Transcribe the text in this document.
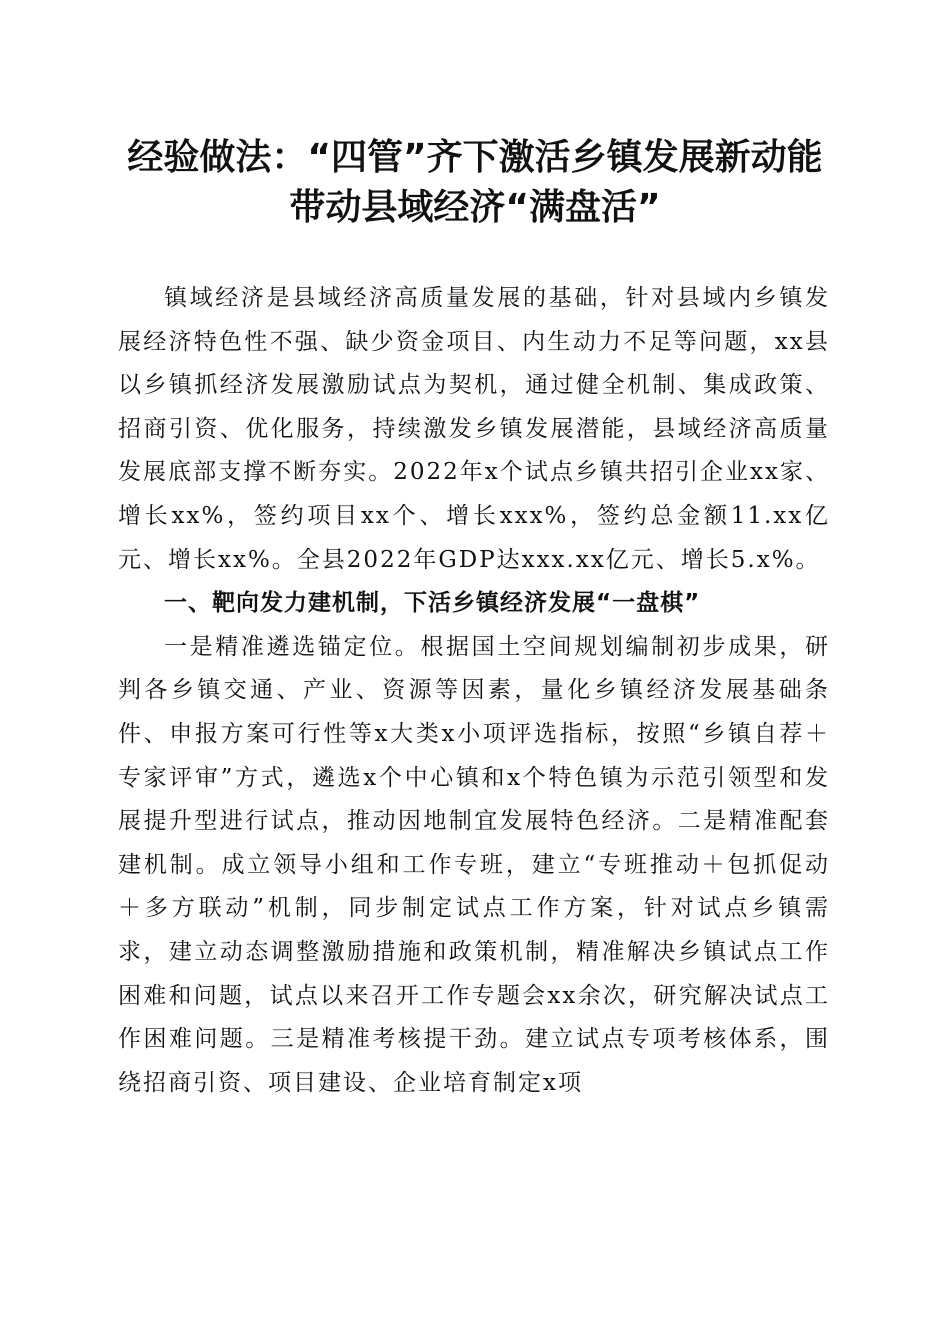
经验做法：“四管”齐下激活乡镇发展新动能
带动县域经济“满盘活”

镇域经济是县域经济高质量发展的基础，针对县域内乡镇发展经济特色性不强、缺少资金项目、内生动力不足等问题，xx县以乡镇抓经济发展激励试点为契机，通过健全机制、集成政策、招商引资、优化服务，持续激发乡镇发展潜能，县域经济高质量发展底部支撑不断夯实。2022年x个试点乡镇共招引企业xx家、增长xx%，签约项目xx个、增长xxx%，签约总金额11.xx亿元、增长xx%。全县2022年GDP达xxx.xx亿元、增长5.x%。

一、靶向发力建机制，下活乡镇经济发展“一盘棋”

一是精准遴选锚定位。根据国土空间规划编制初步成果，研判各乡镇交通、产业、资源等因素，量化乡镇经济发展基础条件、申报方案可行性等x大类x小项评选指标，按照“乡镇自荐＋专家评审”方式，遴选x个中心镇和x个特色镇为示范引领型和发展提升型进行试点，推动因地制宜发展特色经济。二是精准配套建机制。成立领导小组和工作专班，建立“专班推动＋包抓促动＋多方联动”机制，同步制定试点工作方案，针对试点乡镇需求，建立动态调整激励措施和政策机制，精准解决乡镇试点工作困难和问题，试点以来召开工作专题会xx余次，研究解决试点工作困难问题。三是精准考核提干劲。建立试点专项考核体系，围绕招商引资、项目建设、企业培育制定x项
